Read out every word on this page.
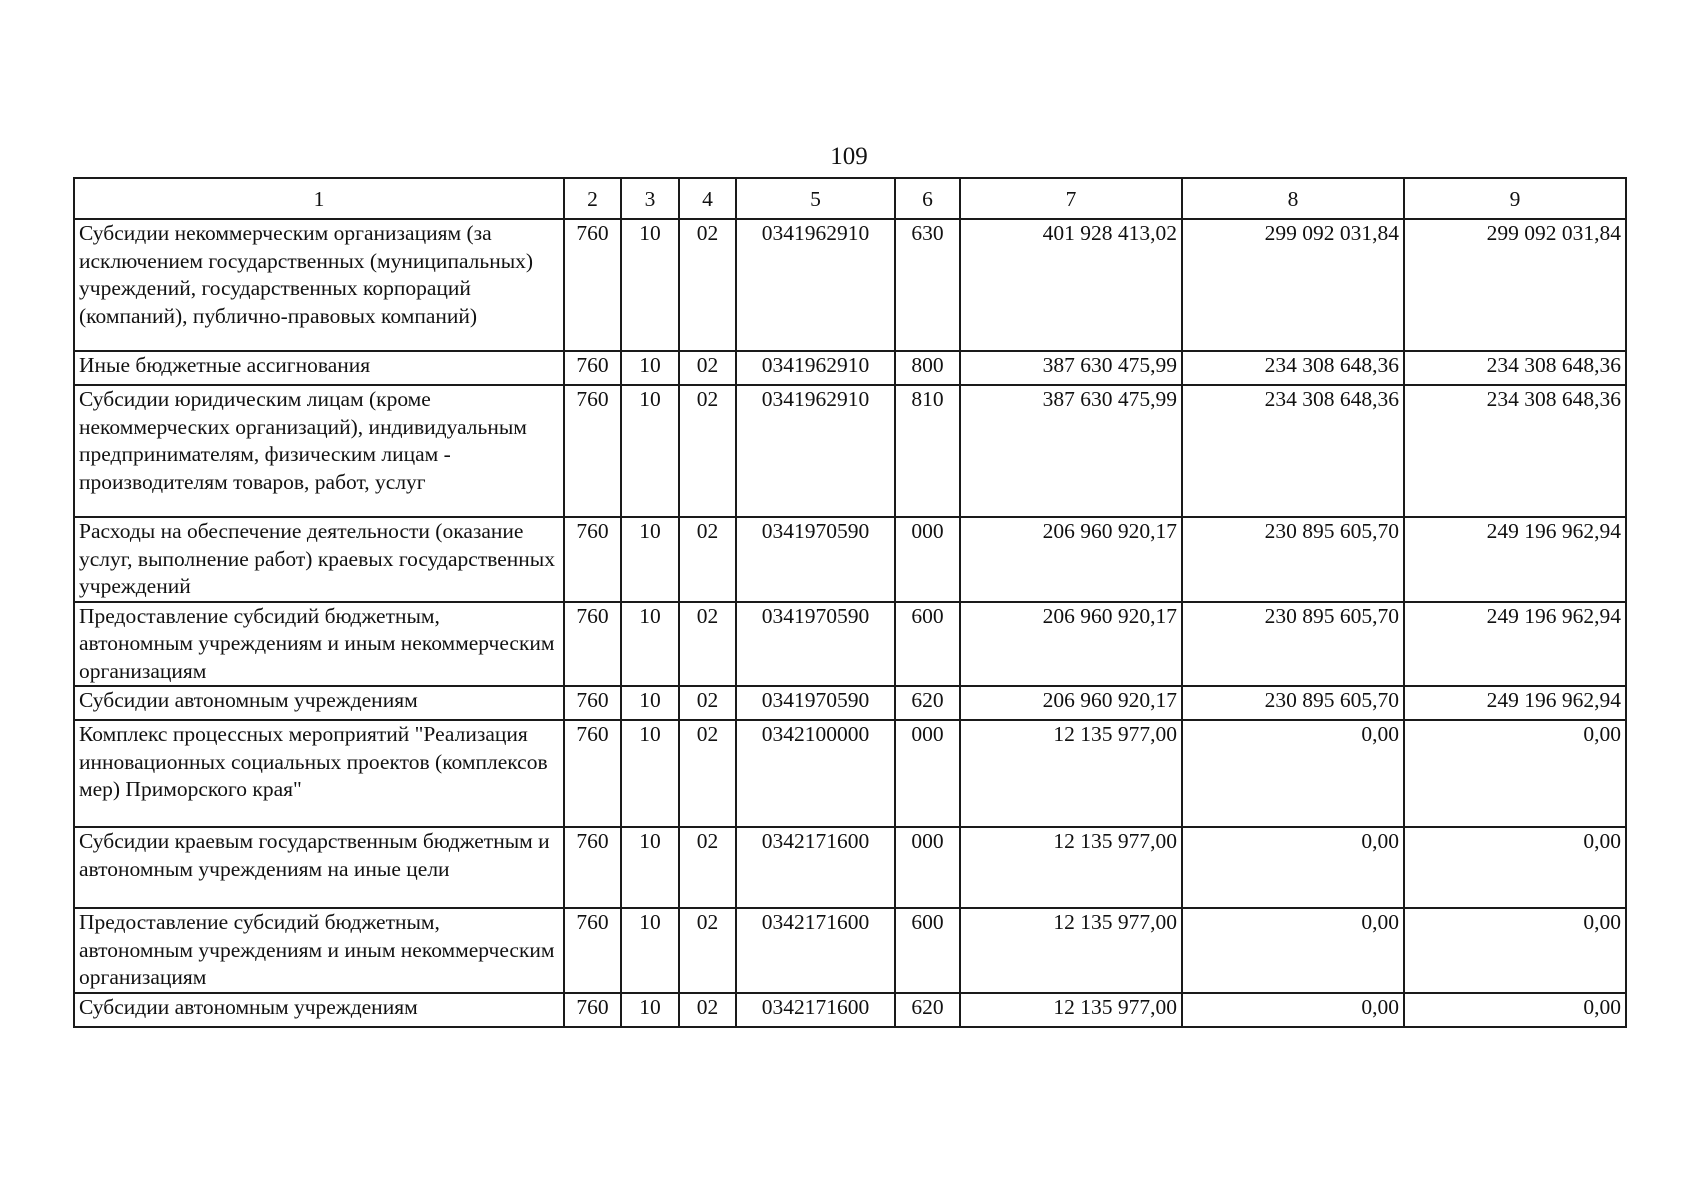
109
1	2	3	4	5	6	7	8	9
Субсидии некоммерческим организациям (за исключением государственных (муниципальных) учреждений, государственных корпораций (компаний), публично-правовых компаний)	760	10	02	0341962910	630	401 928 413,02	299 092 031,84	299 092 031,84
Иные бюджетные ассигнования	760	10	02	0341962910	800	387 630 475,99	234 308 648,36	234 308 648,36
Субсидии юридическим лицам (кроме некоммерческих организаций), индивидуальным предпринимателям, физическим лицам - производителям товаров, работ, услуг	760	10	02	0341962910	810	387 630 475,99	234 308 648,36	234 308 648,36
Расходы на обеспечение деятельности (оказание услуг, выполнение работ) краевых государственных учреждений	760	10	02	0341970590	000	206 960 920,17	230 895 605,70	249 196 962,94
Предоставление субсидий бюджетным, автономным учреждениям и иным некоммерческим организациям	760	10	02	0341970590	600	206 960 920,17	230 895 605,70	249 196 962,94
Субсидии автономным учреждениям	760	10	02	0341970590	620	206 960 920,17	230 895 605,70	249 196 962,94
Комплекс процессных мероприятий "Реализация инновационных социальных проектов (комплексов мер) Приморского края"	760	10	02	0342100000	000	12 135 977,00	0,00	0,00
Субсидии краевым государственным бюджетным и автономным учреждениям на иные цели	760	10	02	0342171600	000	12 135 977,00	0,00	0,00
Предоставление субсидий бюджетным, автономным учреждениям и иным некоммерческим организациям	760	10	02	0342171600	600	12 135 977,00	0,00	0,00
Субсидии автономным учреждениям	760	10	02	0342171600	620	12 135 977,00	0,00	0,00
